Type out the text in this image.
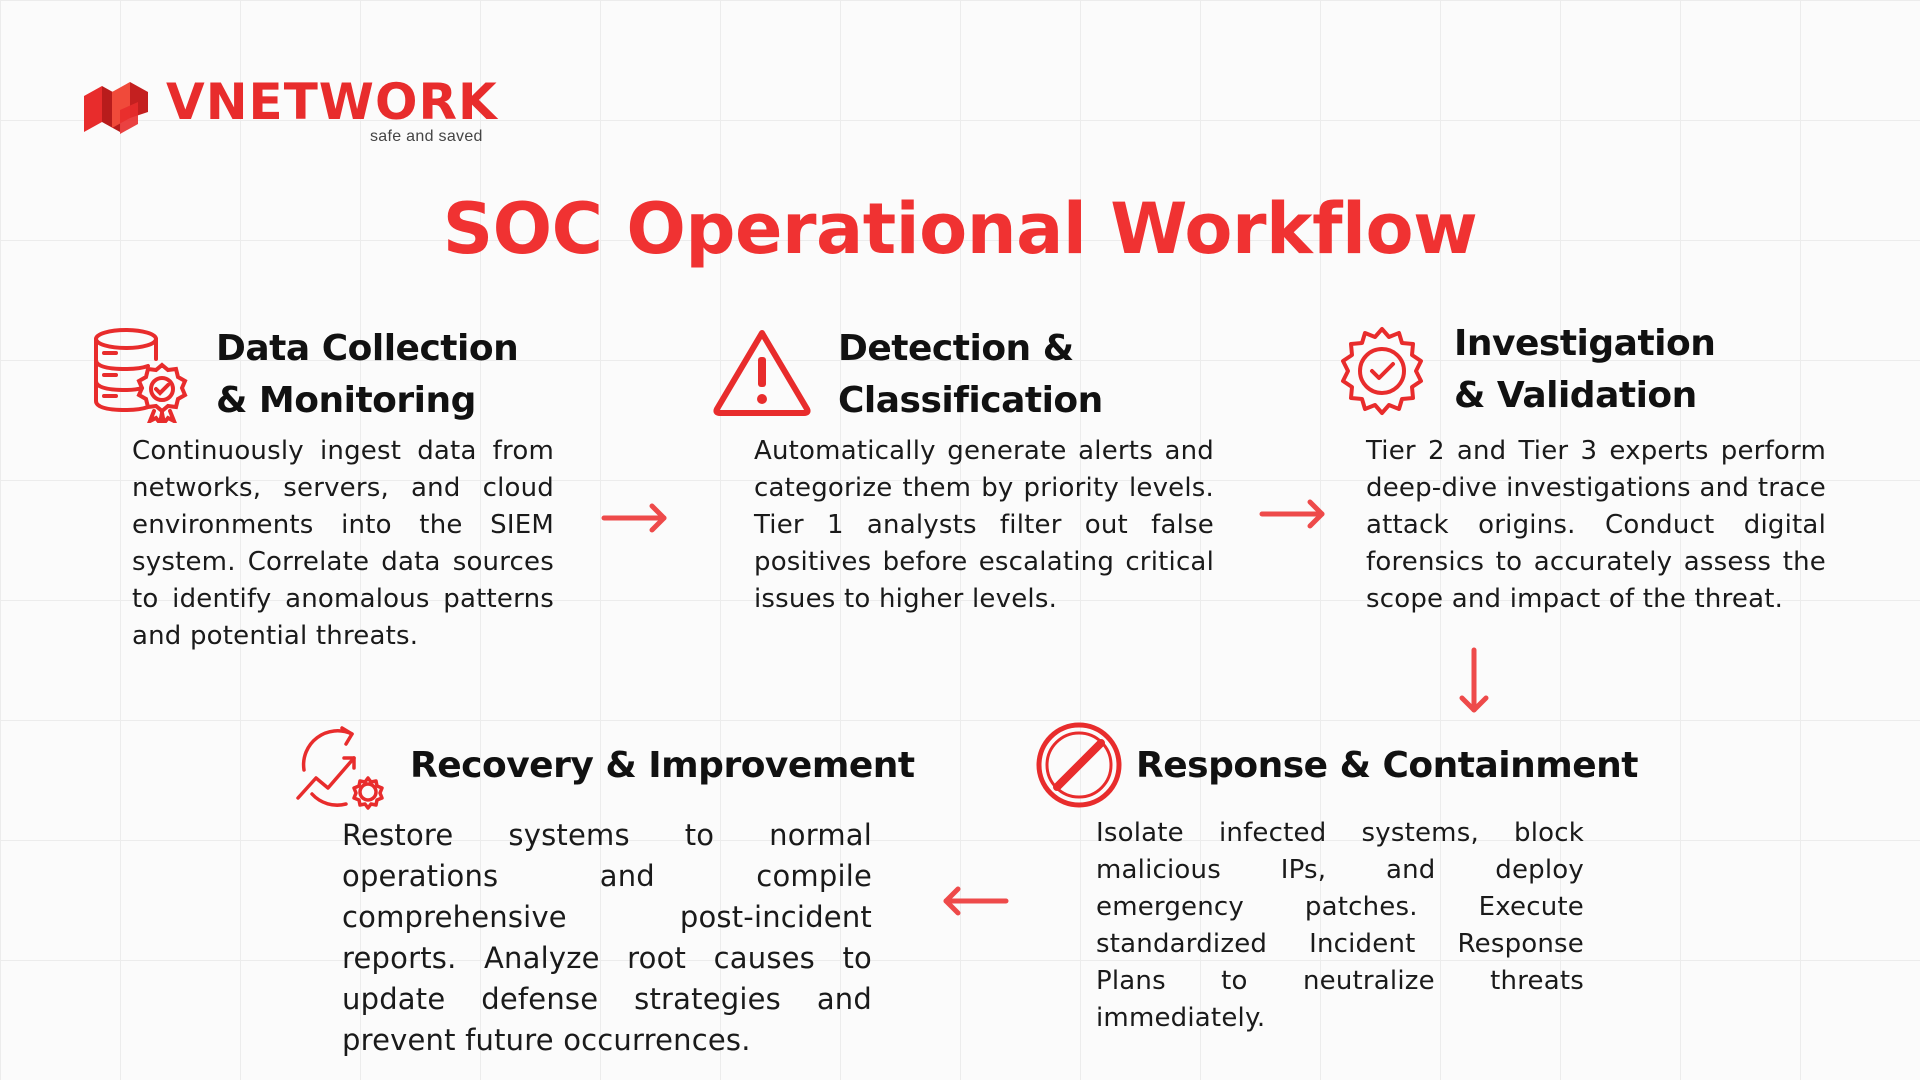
VNETWORK
safe and saved
SOC Operational Workflow
Data Collection
& Monitoring
Continuously ingest data from networks, servers, and cloud environments into the SIEM system. Correlate data sources to identify anomalous patterns and potential threats.
Detection &
Classification
Automatically generate alerts and categorize them by priority levels. Tier 1 analysts filter out false positives before escalating critical issues to higher levels.
Investigation
& Validation
Tier 2 and Tier 3 experts perform deep-dive investigations and trace attack origins. Conduct digital forensics to accurately assess the scope and impact of the threat.
Response & Containment
Isolate infected systems, block malicious IPs, and deploy emergency patches. Execute standardized Incident Response Plans to neutralize threats immediately.
Recovery & Improvement
Restore systems to normal operations and compile comprehensive post-incident reports. Analyze root causes to update defense strategies and prevent future occurrences.
